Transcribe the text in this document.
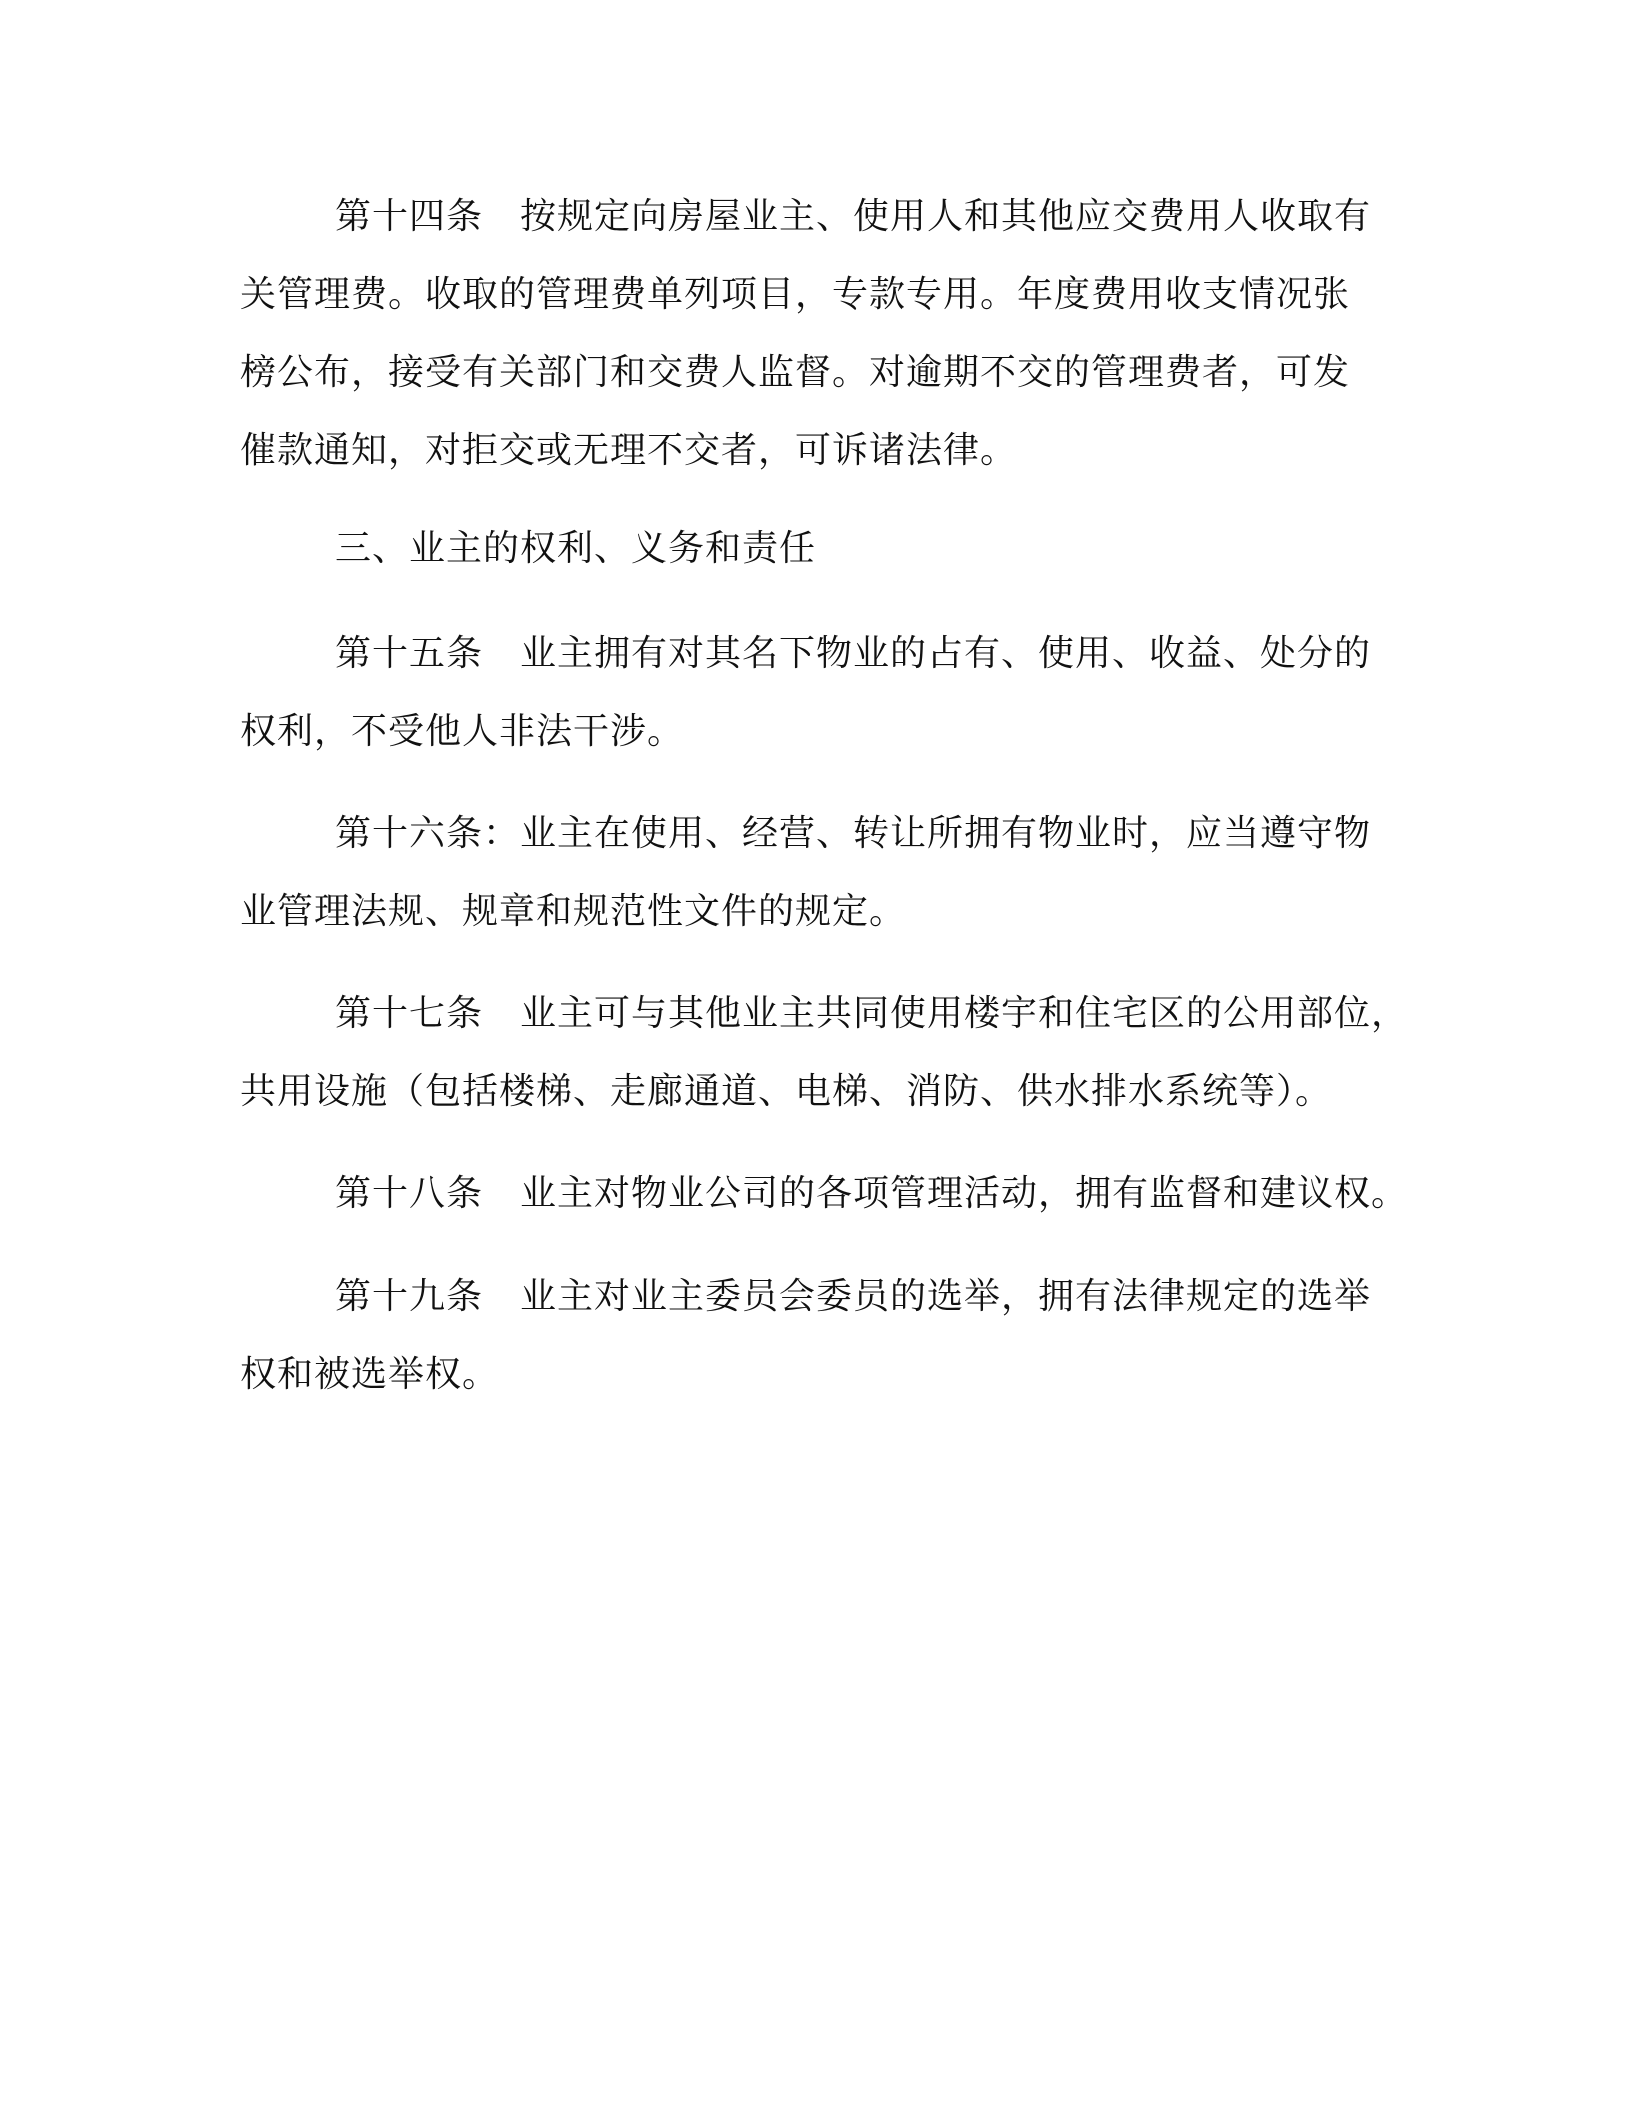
第十四条　按规定向房屋业主、使用人和其他应交费用人收取有
关管理费。收取的管理费单列项目，专款专用。年度费用收支情况张
榜公布，接受有关部门和交费人监督。对逾期不交的管理费者，可发
催款通知，对拒交或无理不交者，可诉诸法律。
三、业主的权利、义务和责任
第十五条　业主拥有对其名下物业的占有、使用、收益、处分的
权利，不受他人非法干涉。
第十六条：业主在使用、经营、转让所拥有物业时，应当遵守物
业管理法规、规章和规范性文件的规定。
第十七条　业主可与其他业主共同使用楼宇和住宅区的公用部位，
共用设施（包括楼梯、走廊通道、电梯、消防、供水排水系统等）。
第十八条　业主对物业公司的各项管理活动，拥有监督和建议权。
第十九条　业主对业主委员会委员的选举，拥有法律规定的选举
权和被选举权。
